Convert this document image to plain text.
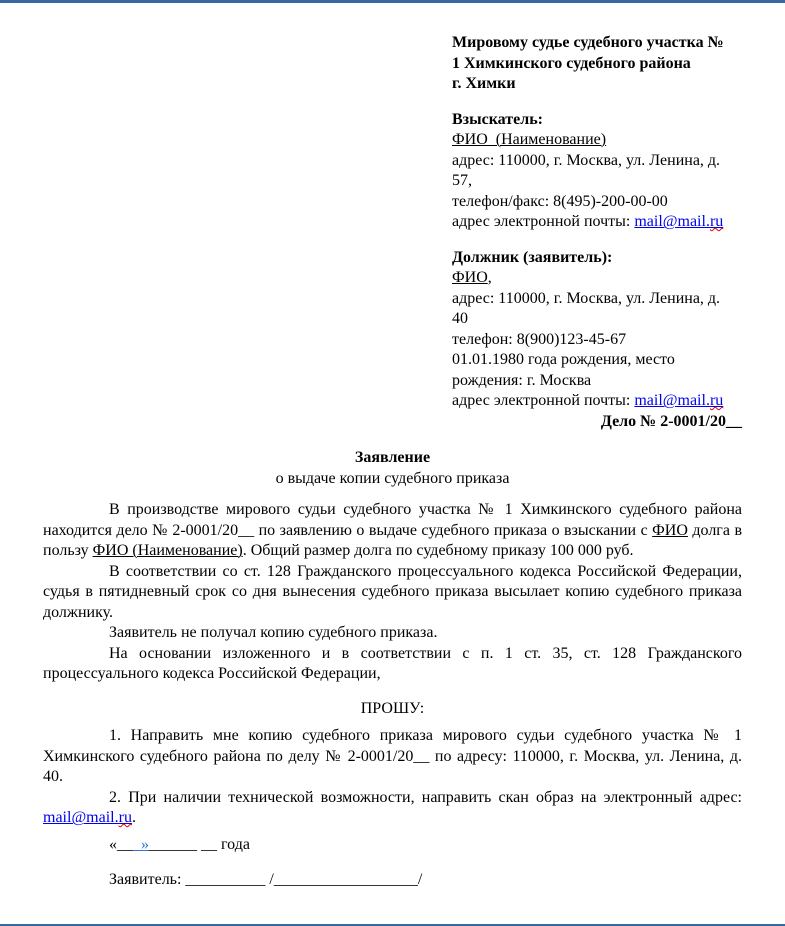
Мировому судье судебного участка №
1 Химкинского судебного района
г. Химки
Взыскатель:
ФИО  (Наименование)
адрес: 110000, г. Москва, ул. Ленина, д.
57,
телефон/факс: 8(495)-200-00-00
адрес электронной почты: mail@mail.ru
Должник (заявитель):
ФИО,
адрес: 110000, г. Москва, ул. Ленина, д.
40
телефон: 8(900)123-45-67
01.01.1980 года рождения, место
рождения: г. Москва
адрес электронной почты: mail@mail.ru

Дело № 2-0001/20__

Заявление

о выдаче копии судебного приказа

В производстве мирового судьи судебного участка № 1 Химкинского судебного района находится дело № 2-0001/20__ по заявлению о выдаче судебного приказа о взыскании с ФИО долга в пользу ФИО (Наименование). Общий размер долга по судебному приказу 100 000 руб.

В соответствии со ст. 128 Гражданского процессуального кодекса Российской Федерации, судья в пятидневный срок со дня вынесения судебного приказа высылает копию судебного приказа должнику.

Заявитель не получал копию судебного приказа.

На основании изложенного и в соответствии с п. 1 ст. 35, ст. 128 Гражданского процессуального кодекса Российской Федерации,

ПРОШУ:

1. Направить мне копию судебного приказа мирового судьи судебного участка № 1 Химкинского судебного района по делу № 2-0001/20__ по адресу: 110000, г. Москва, ул. Ленина, д. 40.

2. При наличии технической возможности, направить скан образ на электронный адрес: mail@mail.ru.

«___»______ __ года

Заявитель: __________ /__________________/
